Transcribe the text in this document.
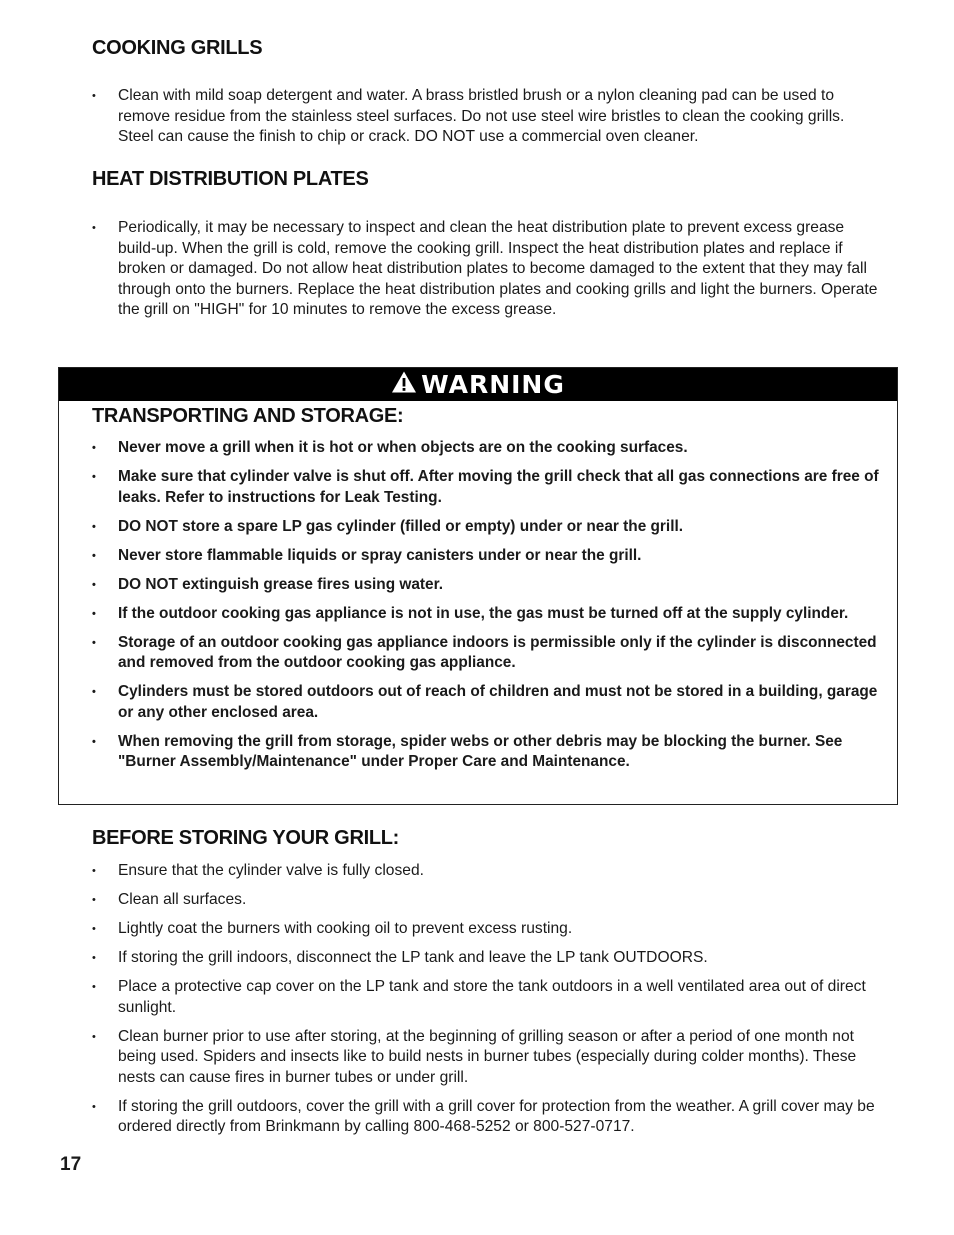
COOKING GRILLS
• Clean with mild soap detergent and water. A brass bristled brush or a nylon cleaning pad can be used to remove residue from the stainless steel surfaces. Do not use steel wire bristles to clean the cooking grills. Steel can cause the finish to chip or crack. DO NOT use a commercial oven cleaner.
HEAT DISTRIBUTION PLATES
• Periodically, it may be necessary to inspect and clean the heat distribution plate to prevent excess grease build-up. When the grill is cold, remove the cooking grill. Inspect the heat distribution plates and replace if broken or damaged. Do not allow heat distribution plates to become damaged to the extent that they may fall through onto the burners. Replace the heat distribution plates and cooking grills and light the burners. Operate the grill on "HIGH" for 10 minutes to remove the excess grease.
WARNING
TRANSPORTING AND STORAGE:
• Never move a grill when it is hot or when objects are on the cooking surfaces.
• Make sure that cylinder valve is shut off. After moving the grill check that all gas connections are free of leaks. Refer to instructions for Leak Testing.
• DO NOT store a spare LP gas cylinder (filled or empty) under or near the grill.
• Never store flammable liquids or spray canisters under or near the grill.
• DO NOT extinguish grease fires using water.
• If the outdoor cooking gas appliance is not in use, the gas must be turned off at the supply cylinder.
• Storage of an outdoor cooking gas appliance indoors is permissible only if the cylinder is disconnected and removed from the outdoor cooking gas appliance.
• Cylinders must be stored outdoors out of reach of children and must not be stored in a building, garage or any other enclosed area.
• When removing the grill from storage, spider webs or other debris may be blocking the burner. See "Burner Assembly/Maintenance" under Proper Care and Maintenance.
BEFORE STORING YOUR GRILL:
• Ensure that the cylinder valve is fully closed.
• Clean all surfaces.
• Lightly coat the burners with cooking oil to prevent excess rusting.
• If storing the grill indoors, disconnect the LP tank and leave the LP tank OUTDOORS.
• Place a protective cap cover on the LP tank and store the tank outdoors in a well ventilated area out of direct sunlight.
• Clean burner prior to use after storing, at the beginning of grilling season or after a period of one month not being used. Spiders and insects like to build nests in burner tubes (especially during colder months). These nests can cause fires in burner tubes or under grill.
• If storing the grill outdoors, cover the grill with a grill cover for protection from the weather. A grill cover may be ordered directly from Brinkmann by calling 800-468-5252 or 800-527-0717.

17
